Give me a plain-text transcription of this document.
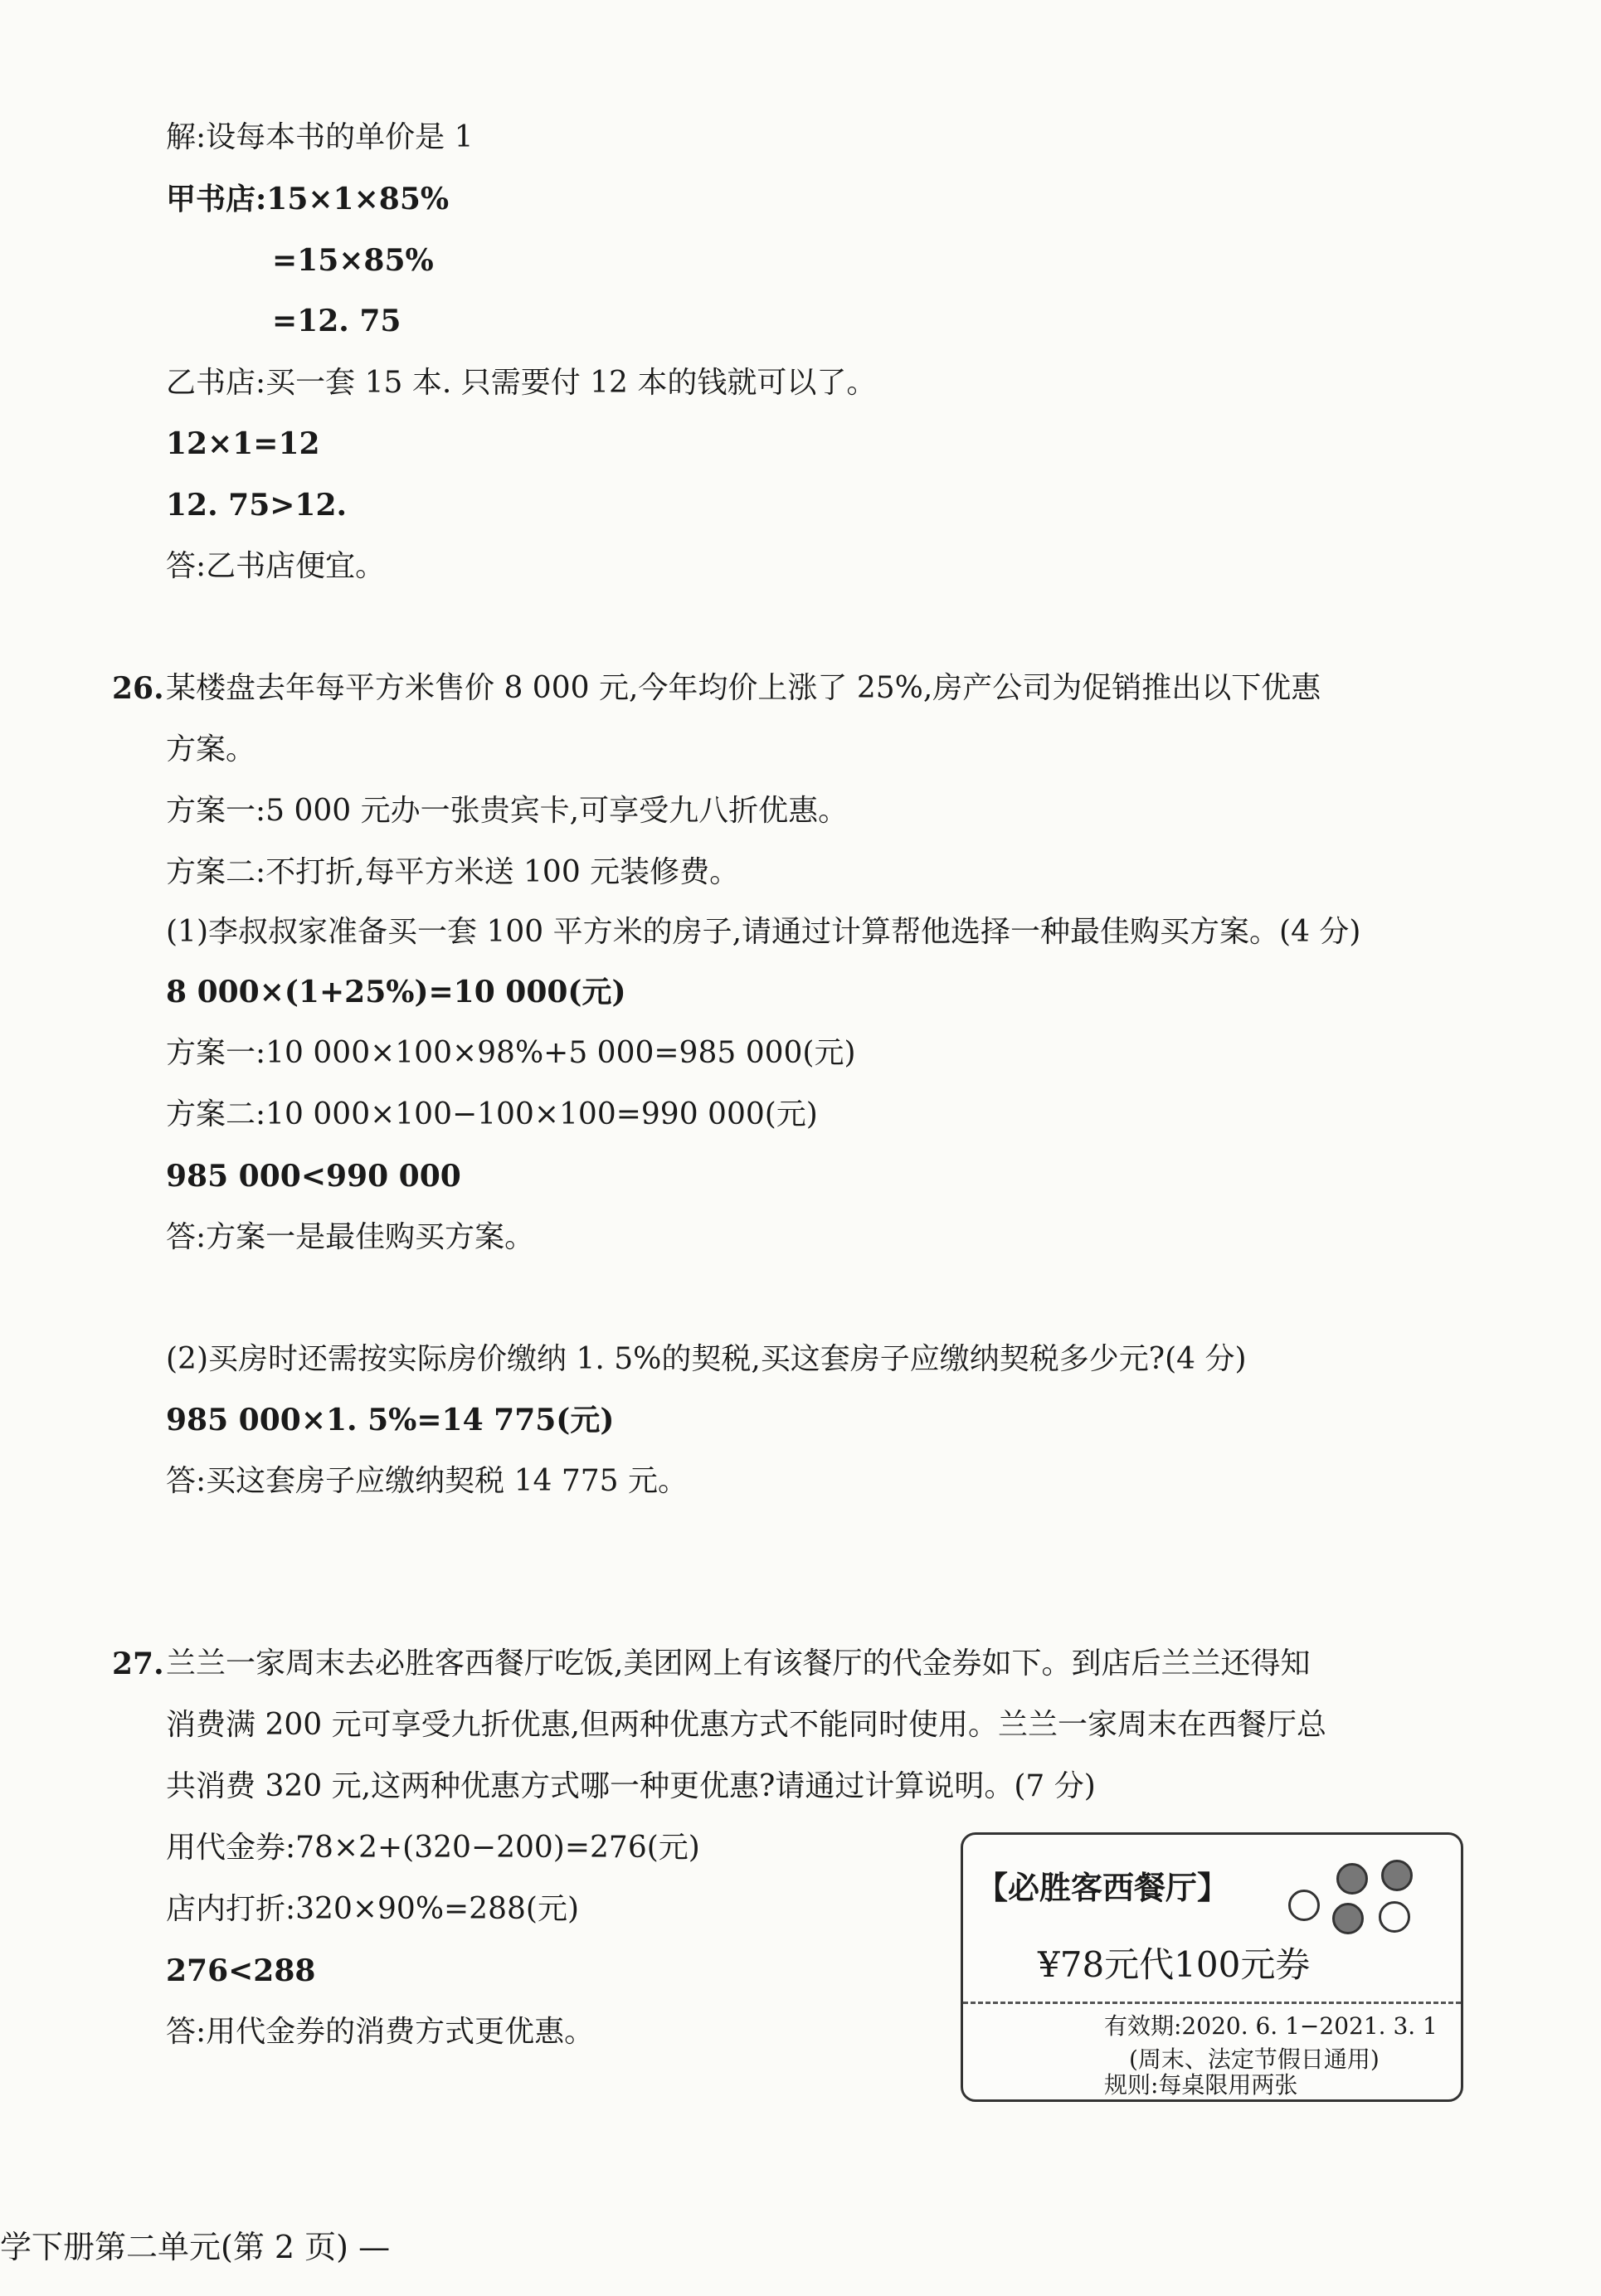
解:设每本书的单价是 1
甲书店:15×1×85%
=15×85%
=12. 75
乙书店:买一套 15 本. 只需要付 12 本的钱就可以了。
12×1=12
12. 75>12.
答:乙书店便宜。
26. 某楼盘去年每平方米售价 8 000 元,今年均价上涨了 25%,房产公司为促销推出以下优惠
方案。
方案一:5 000 元办一张贵宾卡,可享受九八折优惠。
方案二:不打折,每平方米送 100 元装修费。
(1)李叔叔家准备买一套 100 平方米的房子,请通过计算帮他选择一种最佳购买方案。(4 分)
8 000×(1+25%)=10 000(元)
方案一:10 000×100×98%+5 000=985 000(元)
方案二:10 000×100−100×100=990 000(元)
985 000<990 000
答:方案一是最佳购买方案。
(2)买房时还需按实际房价缴纳 1. 5%的契税,买这套房子应缴纳契税多少元?(4 分)
985 000×1. 5%=14 775(元)
答:买这套房子应缴纳契税 14 775 元。
27. 兰兰一家周末去必胜客西餐厅吃饭,美团网上有该餐厅的代金券如下。到店后兰兰还得知
消费满 200 元可享受九折优惠,但两种优惠方式不能同时使用。兰兰一家周末在西餐厅总
共消费 320 元,这两种优惠方式哪一种更优惠?请通过计算说明。(7 分)
用代金券:78×2+(320−200)=276(元)
店内打折:320×90%=288(元)
276<288
答:用代金券的消费方式更优惠。
【必胜客西餐厅】
¥78元代100元券
有效期:2020. 6. 1−2021. 3. 1
(周末、法定节假日通用)
规则:每桌限用两张
学下册第二单元(第 2 页) —
